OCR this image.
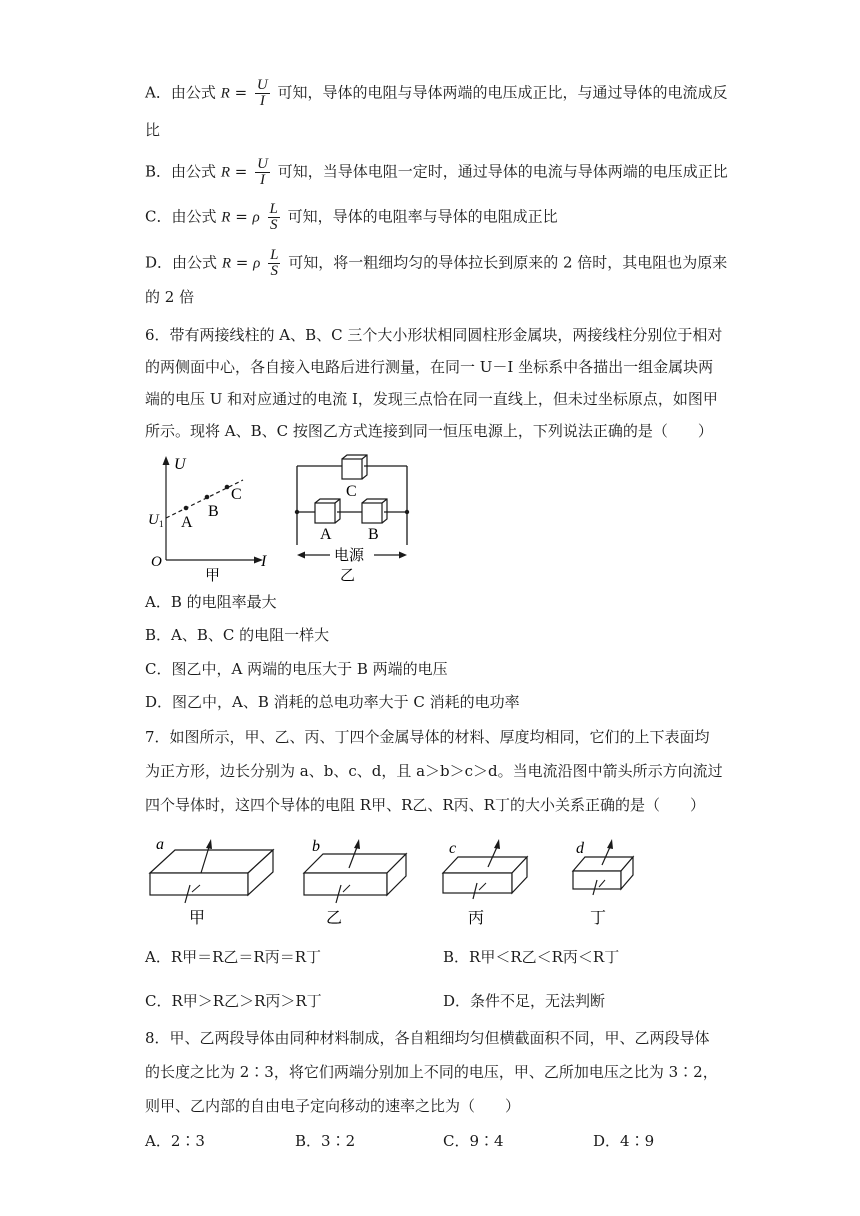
A．由公式 $R = \frac{U}{I}$ 可知，导体的电阻与导体两端的电压成正比，与通过导体的电流成反
比
B．由公式 $R = \frac{U}{I}$ 可知，当导体电阻一定时，通过导体的电流与导体两端的电压成正比
C．由公式 R = ρ $\frac{L}{S}$ 可知，导体的电阻率与导体的电阻成正比
D．由公式 R = ρ $\frac{L}{S}$ 可知，将一粗细均匀的导体拉长到原来的 2 倍时，其电阻也为原来
的 2 倍
6．带有两接线柱的 A、B、C 三个大小形状相同圆柱形金属块，两接线柱分别位于相对
的两侧面中心，各自接入电路后进行测量，在同一 U－I 坐标系中各描出一组金属块两
端的电压 U 和对应通过的电流 I，发现三点恰在同一直线上，但未过坐标原点，如图甲
所示。现将 A、B、C 按图乙方式连接到同一恒压电源上，下列说法正确的是（　　）
U
I
O
U 1 A
B
C
甲
C
A B
电源
乙
A．B 的电阻率最大
B．A、B、C 的电阻一样大
C．图乙中，A 两端的电压大于 B 两端的电压
D．图乙中，A、B 消耗的总电功率大于 C 消耗的电功率
7．如图所示，甲、乙、丙、丁四个金属导体的材料、厚度均相同，它们的上下表面均
为正方形，边长分别为 a、b、c、d，且 a＞b＞c＞d。当电流沿图中箭头所示方向流过
四个导体时，这四个导体的电阻 R甲、R乙、R丙、R丁的大小关系正确的是（　　）
a
甲
b
乙
c
丙
d
丁
A．R甲＝R乙＝R丙＝R丁	B．R甲＜R乙＜R丙＜R丁
C．R甲＞R乙＞R丙＞R丁	D．条件不足，无法判断
8．甲、乙两段导体由同种材料制成，各自粗细均匀但横截面积不同，甲、乙两段导体
的长度之比为 2∶3，将它们两端分别加上不同的电压，甲、乙所加电压之比为 3∶2，
则甲、乙内部的自由电子定向移动的速率之比为（　　）
A．2∶3	B．3∶2	C．9∶4	D．4∶9
